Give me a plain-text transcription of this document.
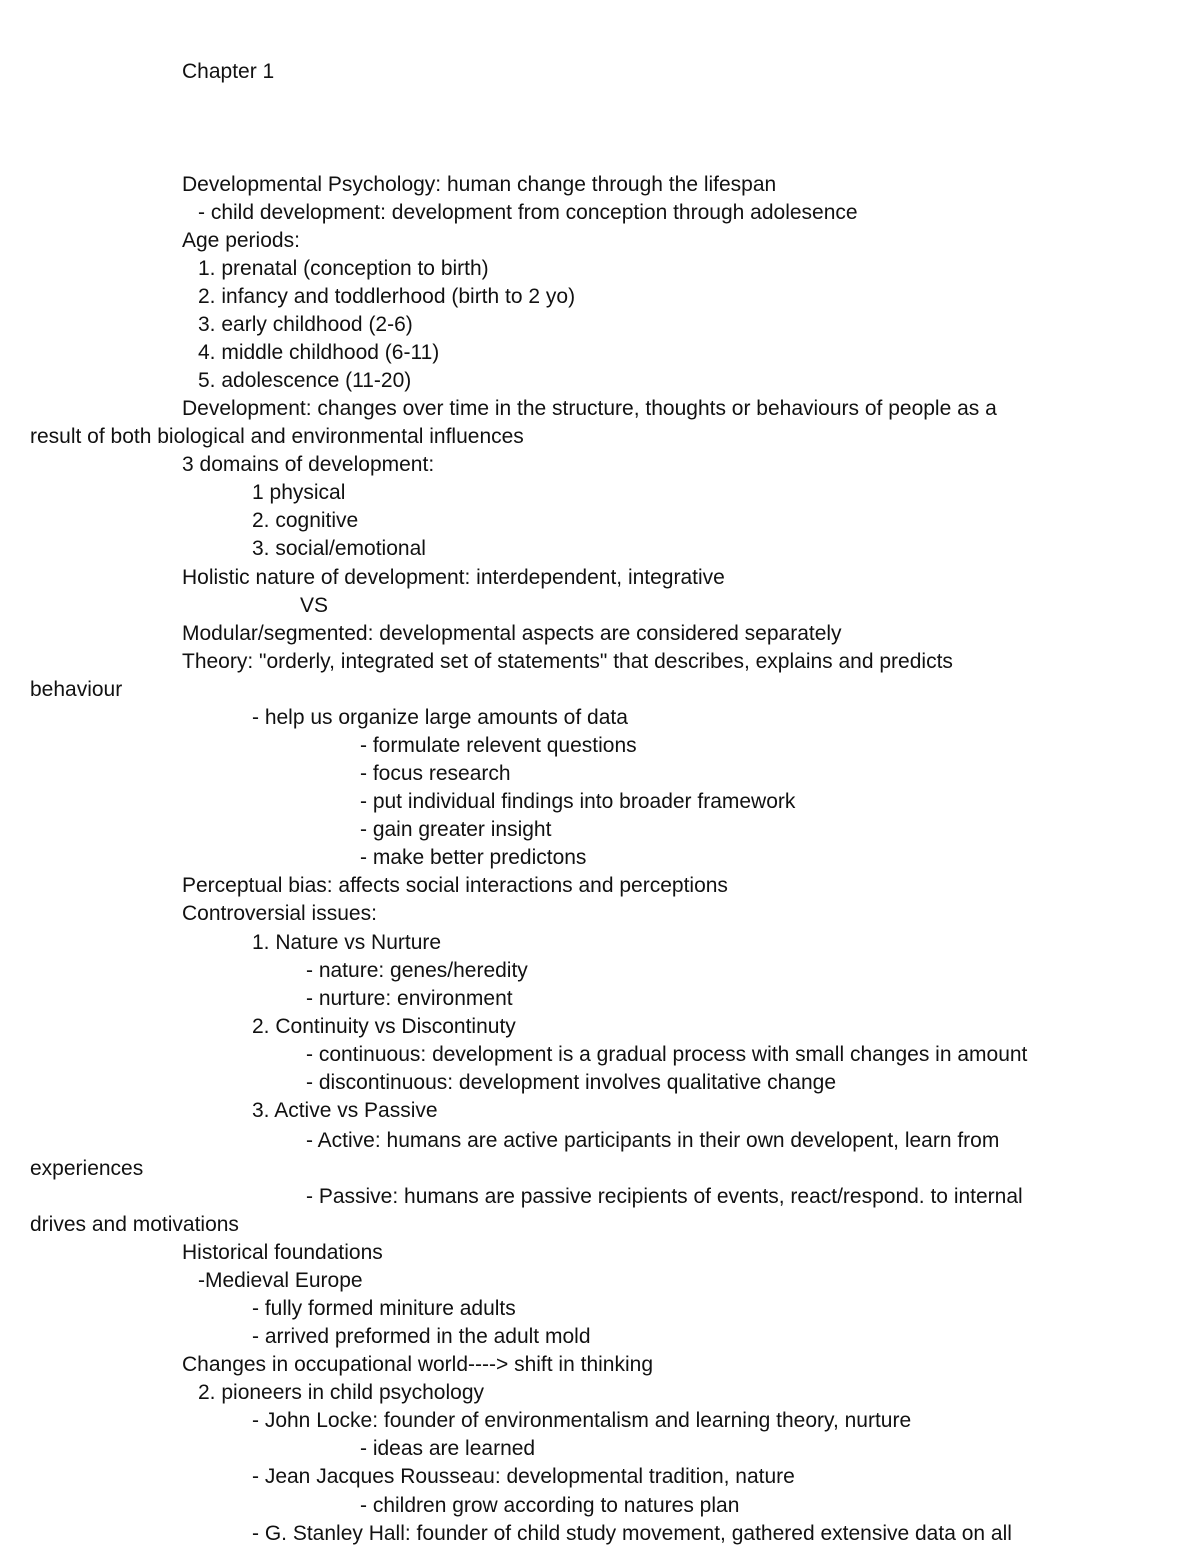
Chapter 1
Developmental Psychology: human change through the lifespan
- child development: development from conception through adolesence
Age periods:
1. prenatal (conception to birth)
2. infancy and toddlerhood (birth to 2 yo)
3. early childhood (2-6)
4. middle childhood (6-11)
5. adolescence (11-20)
Development: changes over time in the structure, thoughts or behaviours of people as a
result of both biological and environmental influences
3 domains of development:
1 physical
2. cognitive
3. social/emotional
Holistic nature of development: interdependent, integrative
VS
Modular/segmented: developmental aspects are considered separately
Theory: "orderly, integrated set of statements" that describes, explains and predicts
behaviour
- help us organize large amounts of data
- formulate relevent questions
- focus research
- put individual findings into broader framework
- gain greater insight
- make better predictons
Perceptual bias: affects social interactions and perceptions
Controversial issues:
1. Nature vs Nurture
- nature: genes/heredity
- nurture: environment
2. Continuity vs Discontinuty
- continuous: development is a gradual process with small changes in amount
- discontinuous: development involves qualitative change
3. Active vs Passive
- Active: humans are active participants in their own developent, learn from
experiences
- Passive: humans are passive recipients of events, react/respond. to internal
drives and motivations
Historical foundations
-Medieval Europe
- fully formed miniture adults
- arrived preformed in the adult mold
Changes in occupational world----> shift in thinking
2. pioneers in child psychology
- John Locke: founder of environmentalism and learning theory, nurture
- ideas are learned
- Jean Jacques Rousseau: developmental tradition, nature
- children grow according to natures plan
- G. Stanley Hall: founder of child study movement, gathered extensive data on all
